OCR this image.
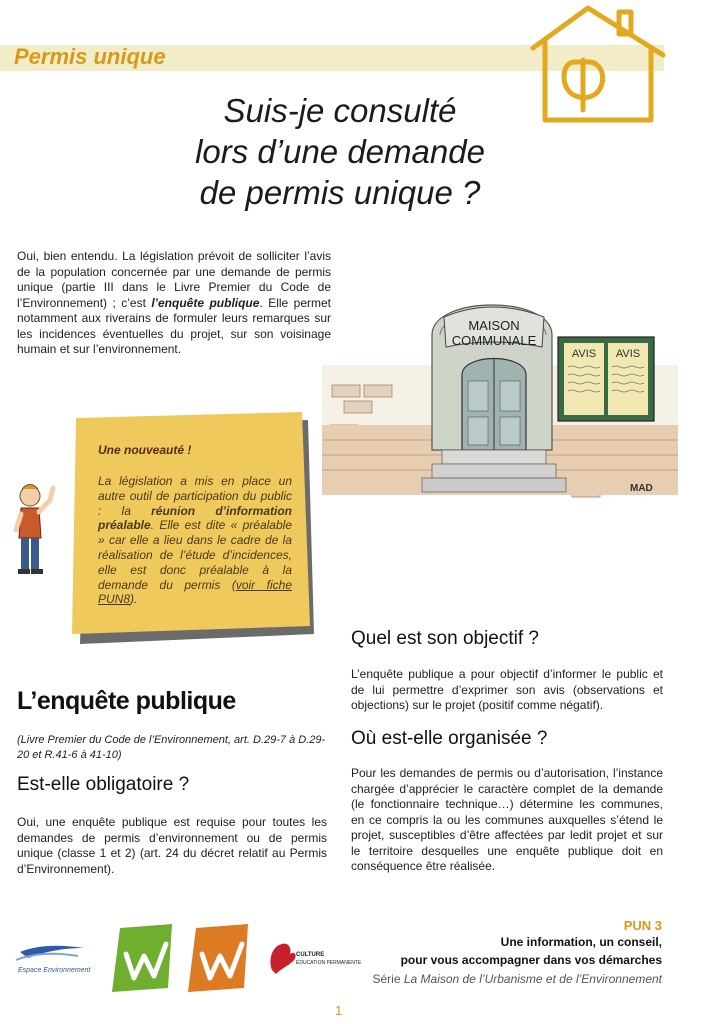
Permis unique
Suis-je consulté
lors d’une demande
de permis unique ?
Oui, bien entendu. La législation prévoit de solliciter l’avis de la population concernée par une demande de permis unique (partie III dans le Livre Premier du Code de l’Environnement) ; c’est l’enquête publique. Elle permet notamment aux riverains de formuler leurs remarques sur les incidences éventuelles du projet, sur son voisinage humain et sur l’environnement.
MAISON
COMMUNALE
AVIS AVIS
MAD
Une nouveauté !
La législation a mis en place un autre outil de participation du public : la réunion d’information préalable. Elle est dite « préalable » car elle a lieu dans le cadre de la réalisation de l’étude d’incidences, elle est donc préalable à la demande du permis (voir fiche PUN8).
L’enquête publique
(Livre Premier du Code de l’Environnement, art. D.29-7 à D.29-20 et R.41-6 à 41-10)
Est-elle obligatoire ?
Oui, une enquête publique est requise pour toutes les demandes de permis d’environnement ou de permis unique (classe 1 et 2) (art. 24 du décret relatif au Permis d’Environnement).
Quel est son objectif ?
L’enquête publique a pour objectif d’informer le public et de lui permettre d’exprimer son avis (observations et objections) sur le projet (positif comme négatif).
Où est-elle organisée ?
Pour les demandes de permis ou d’autorisation, l’instance chargée d’apprécier le caractère complet de la demande (le fonctionnaire technique…) détermine les communes, en ce compris la ou les communes auxquelles s’étend le projet, susceptibles d’être affectées par ledit projet et sur le territoire desquelles une enquête publique doit en conséquence être réalisée.
Espace Environnement
CULTURE
ÉDUCATION PERMANENTE
PUN 3
Une information, un conseil,
pour vous accompagner dans vos démarches
Série La Maison de l’Urbanisme et de l’Environnement
1
